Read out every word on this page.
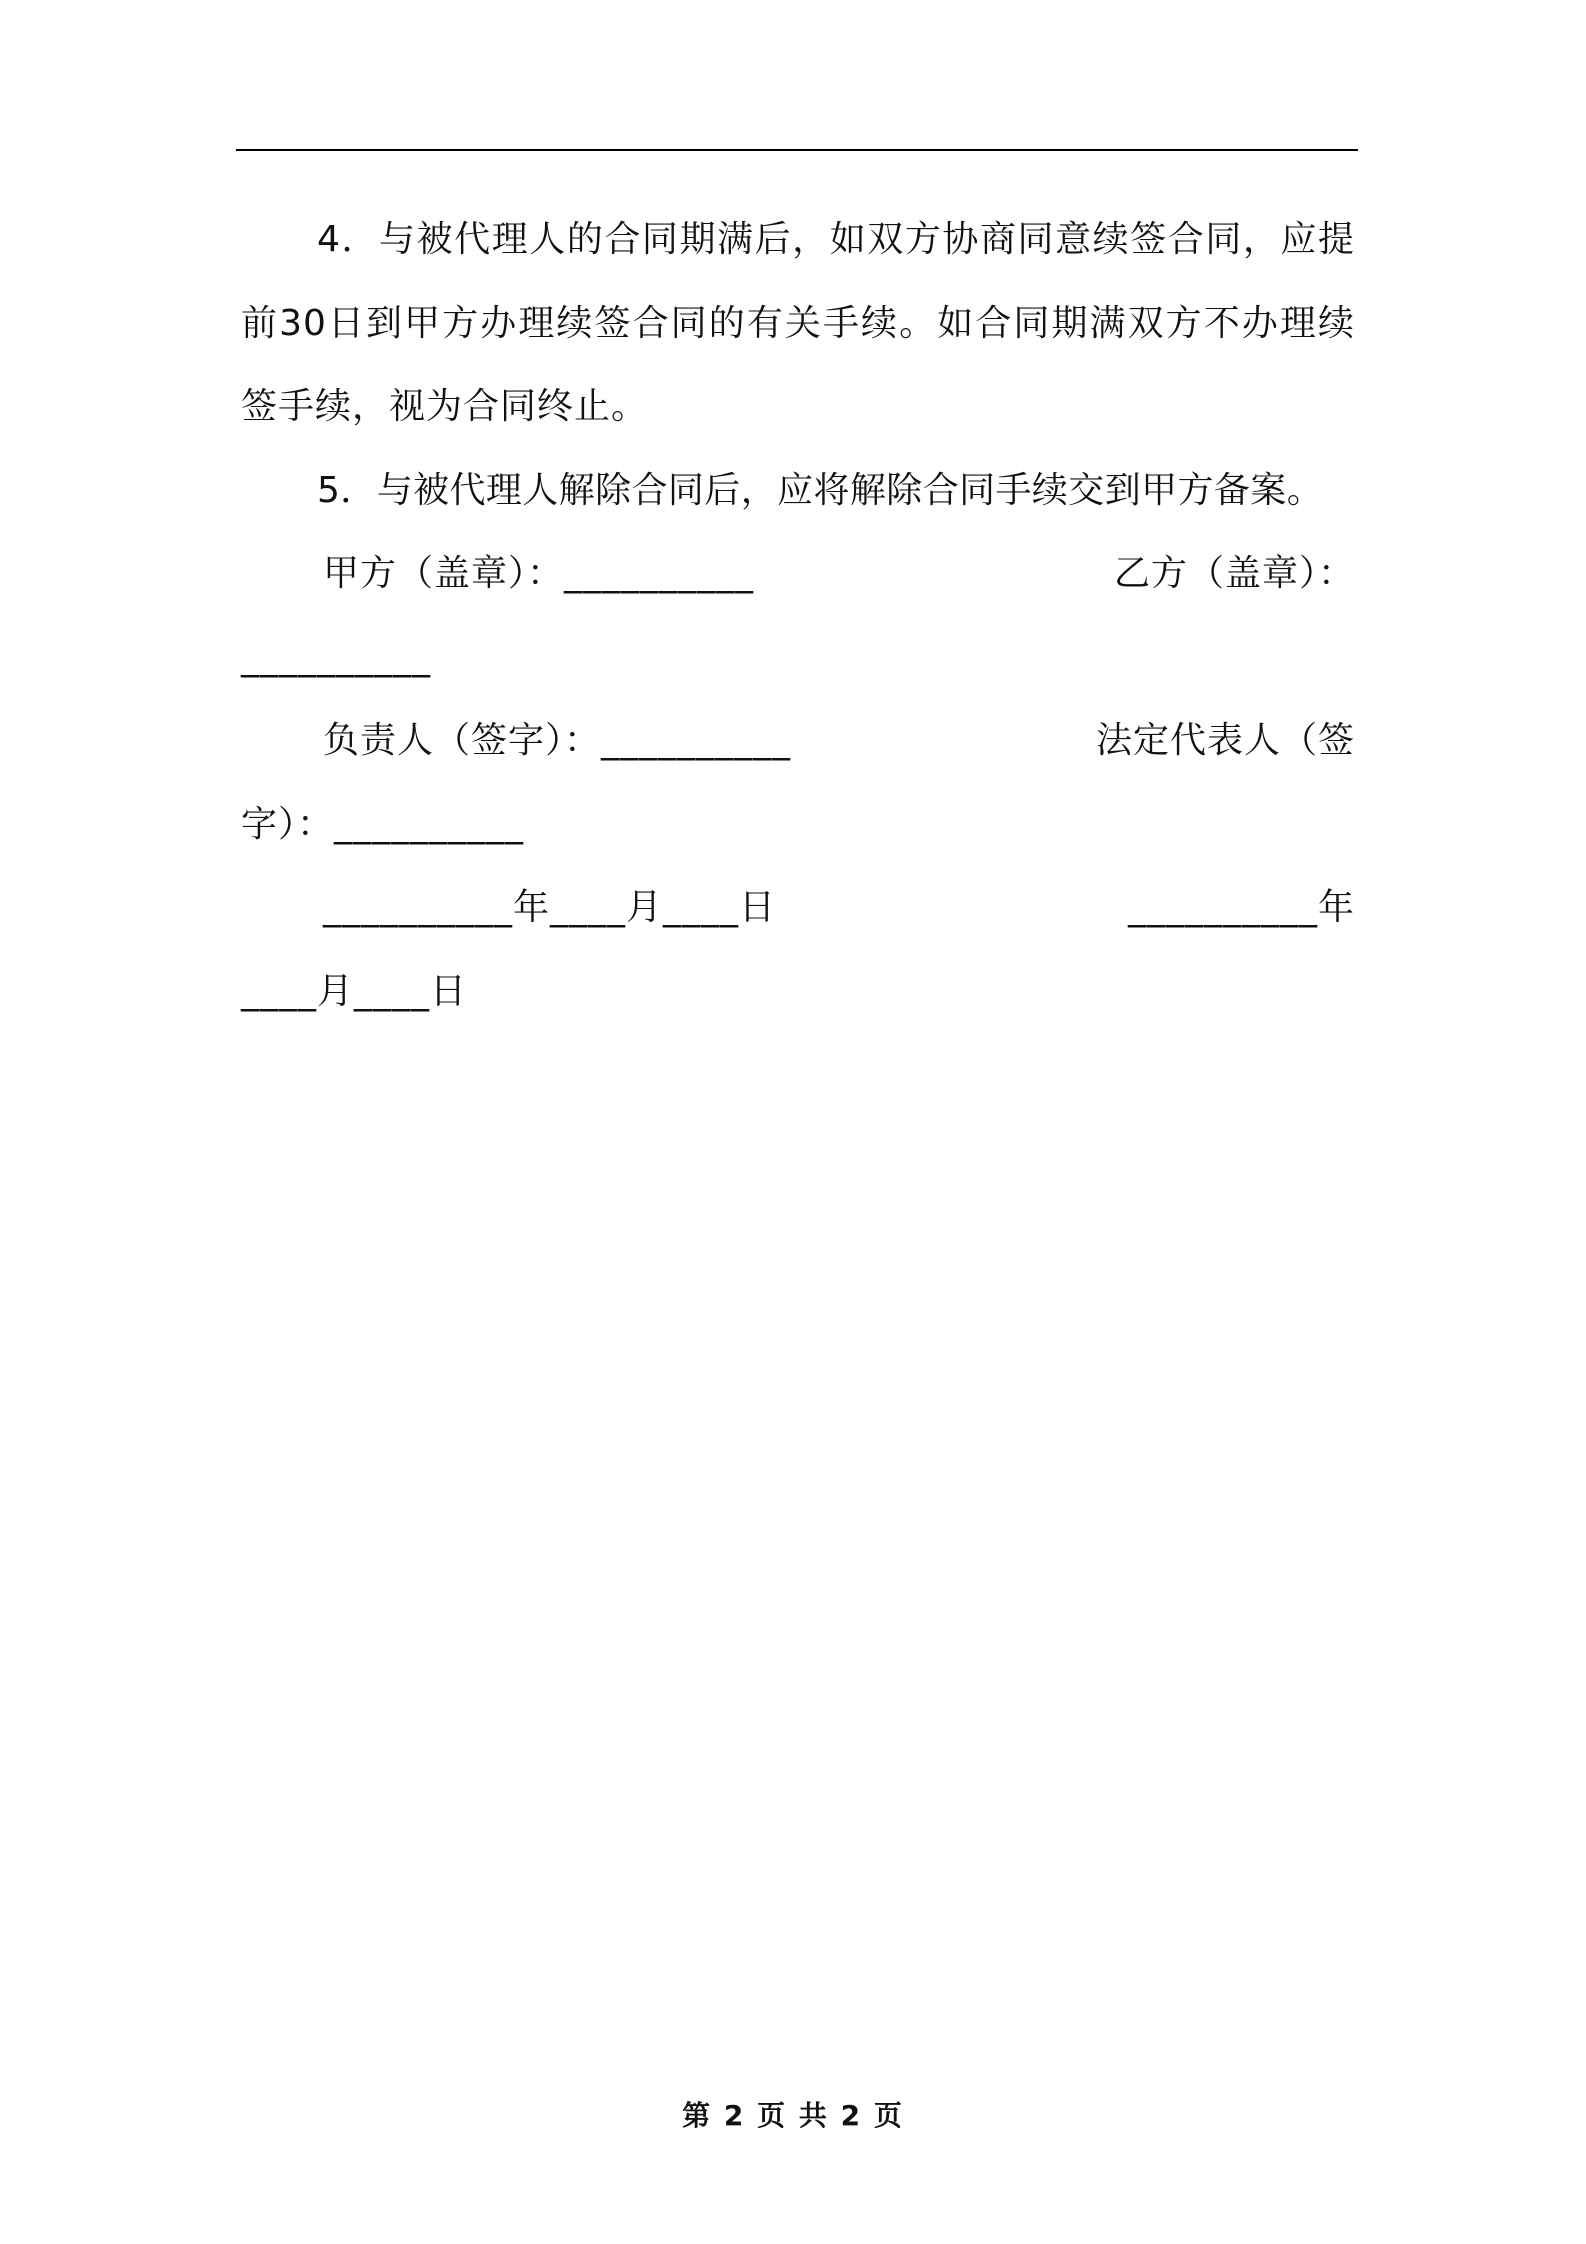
4．与被代理人的合同期满后，如双方协商同意续签合同，应提前30日到甲方办理续签合同的有关手续。如合同期满双方不办理续签手续，视为合同终止。

5．与被代理人解除合同后，应将解除合同手续交到甲方备案。

甲方（盖章）：__________	乙方（盖章）：
__________
负责人（签字）：__________	法定代表人（签
字）：__________
__________年____月____日	__________年
____月____日
第 2 页 共 2 页
